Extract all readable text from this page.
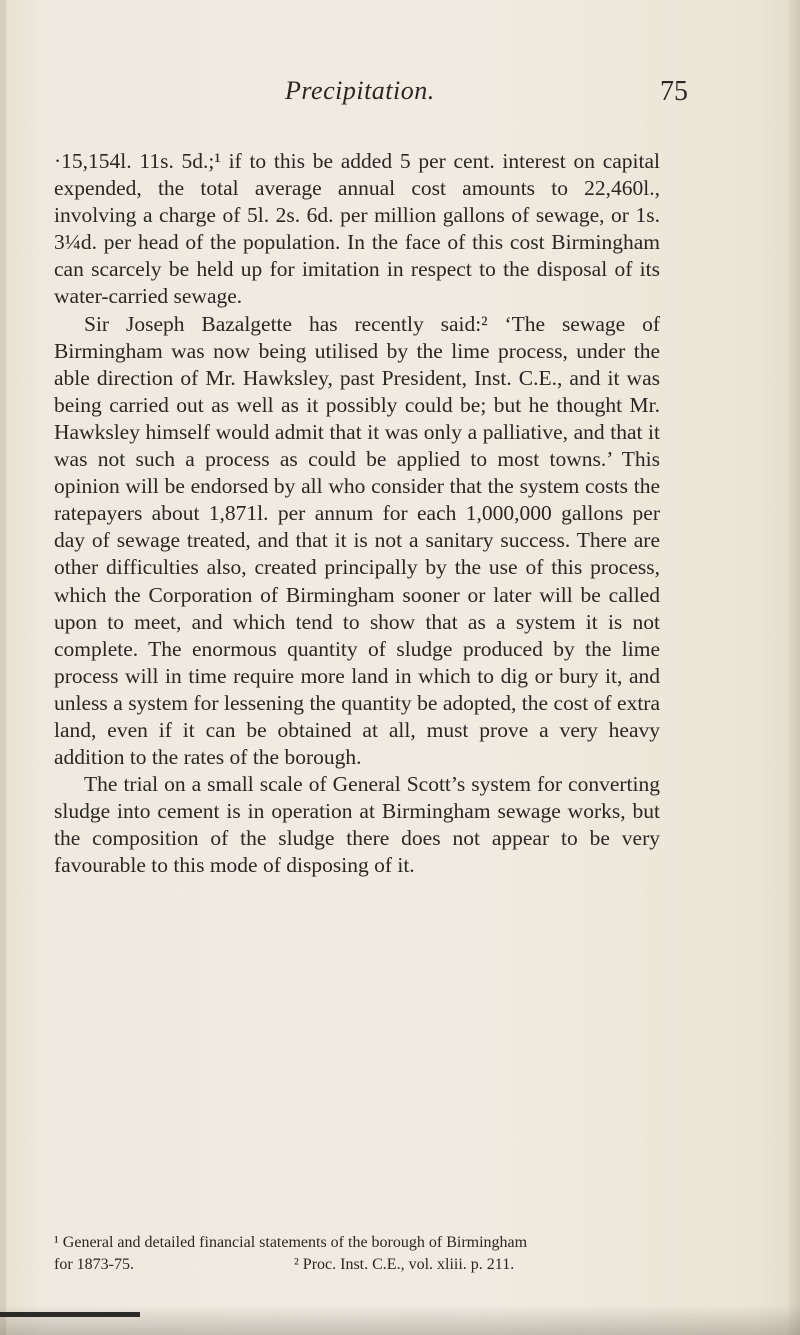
Precipitation.	75

·15,154l. 11s. 5d.;¹ if to this be added 5 per cent. interest on capital expended, the total average annual cost amounts to 22,460l., involving a charge of 5l. 2s. 6d. per million gallons of sewage, or 1s. 3¼d. per head of the population. In the face of this cost Birmingham can scarcely be held up for imitation in respect to the disposal of its water-carried sewage.

Sir Joseph Bazalgette has recently said:² ‘The sewage of Birmingham was now being utilised by the lime process, under the able direction of Mr. Hawksley, past President, Inst. C.E., and it was being carried out as well as it possibly could be; but he thought Mr. Hawksley himself would admit that it was only a palliative, and that it was not such a process as could be applied to most towns.’ This opinion will be endorsed by all who consider that the system costs the ratepayers about 1,871l. per annum for each 1,000,000 gallons per day of sewage treated, and that it is not a sanitary success. There are other difficulties also, created principally by the use of this process, which the Corporation of Birmingham sooner or later will be called upon to meet, and which tend to show that as a system it is not complete. The enormous quantity of sludge produced by the lime process will in time require more land in which to dig or bury it, and unless a system for lessening the quantity be adopted, the cost of extra land, even if it can be obtained at all, must prove a very heavy addition to the rates of the borough.

The trial on a small scale of General Scott’s system for converting sludge into cement is in operation at Birmingham sewage works, but the composition of the sludge there does not appear to be very favourable to this mode of disposing of it.

¹ General and detailed financial statements of the borough of Birmingham
for 1873-75.	² Proc. Inst. C.E., vol. xliii. p. 211.
